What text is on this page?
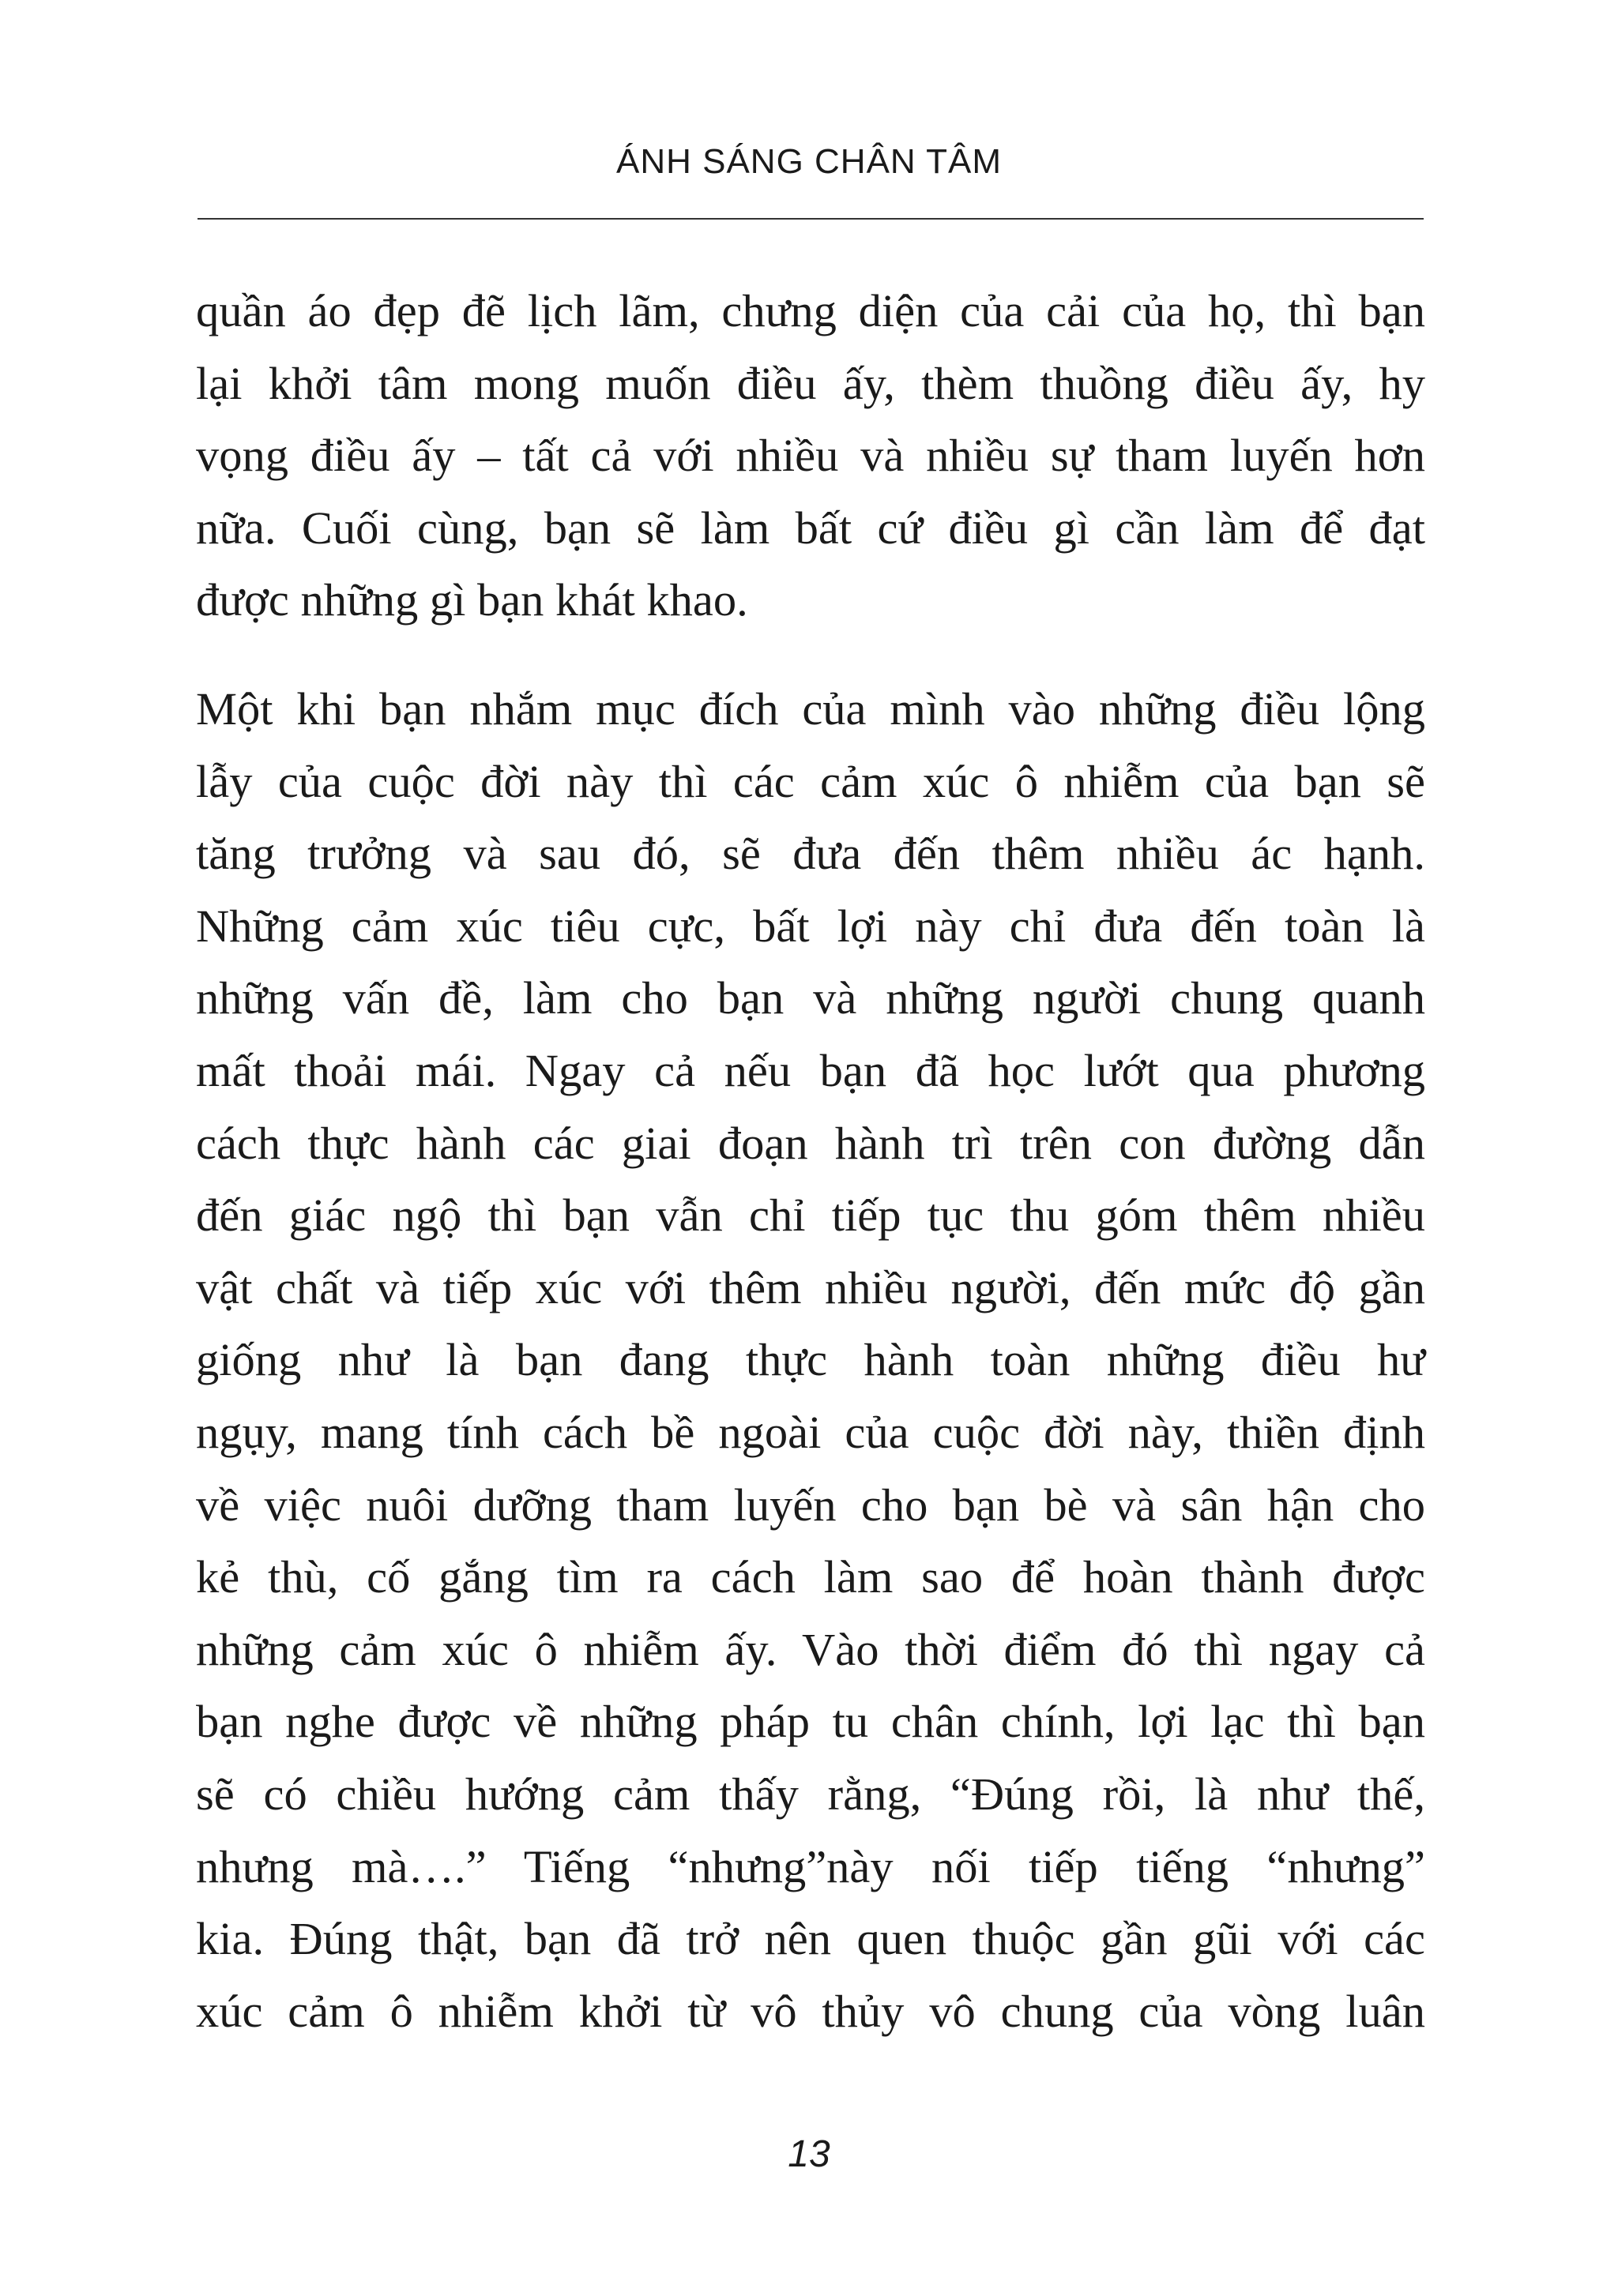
ÁNH SÁNG CHÂN TÂM
quần áo đẹp đẽ lịch lãm, chưng diện của cải của họ, thì bạn
lại khởi tâm mong muốn điều ấy, thèm thuồng điều ấy, hy
vọng điều ấy – tất cả với nhiều và nhiều sự tham luyến hơn
nữa. Cuối cùng, bạn sẽ làm bất cứ điều gì cần làm để đạt
được những gì bạn khát khao.
Một khi bạn nhắm mục đích của mình vào những điều lộng
lẫy của cuộc đời này thì các cảm xúc ô nhiễm của bạn sẽ
tăng trưởng và sau đó, sẽ đưa đến thêm nhiều ác hạnh.
Những cảm xúc tiêu cực, bất lợi này chỉ đưa đến toàn là
những vấn đề, làm cho bạn và những người chung quanh
mất thoải mái. Ngay cả nếu bạn đã học lướt qua phương
cách thực hành các giai đoạn hành trì trên con đường dẫn
đến giác ngộ thì bạn vẫn chỉ tiếp tục thu góm thêm nhiều
vật chất và tiếp xúc với thêm nhiều người, đến mức độ gần
giống như là bạn đang thực hành toàn những điều hư
ngụy, mang tính cách bề ngoài của cuộc đời này, thiền định
về việc nuôi dưỡng tham luyến cho bạn bè và sân hận cho
kẻ thù, cố gắng tìm ra cách làm sao để hoàn thành được
những cảm xúc ô nhiễm ấy. Vào thời điểm đó thì ngay cả
bạn nghe được về những pháp tu chân chính, lợi lạc thì bạn
sẽ có chiều hướng cảm thấy rằng, “Đúng rồi, là như thế,
nhưng mà….” Tiếng “nhưng”này nối tiếp tiếng “nhưng”
kia. Đúng thật, bạn đã trở nên quen thuộc gần gũi với các
xúc cảm ô nhiễm khởi từ vô thủy vô chung của vòng luân
13
